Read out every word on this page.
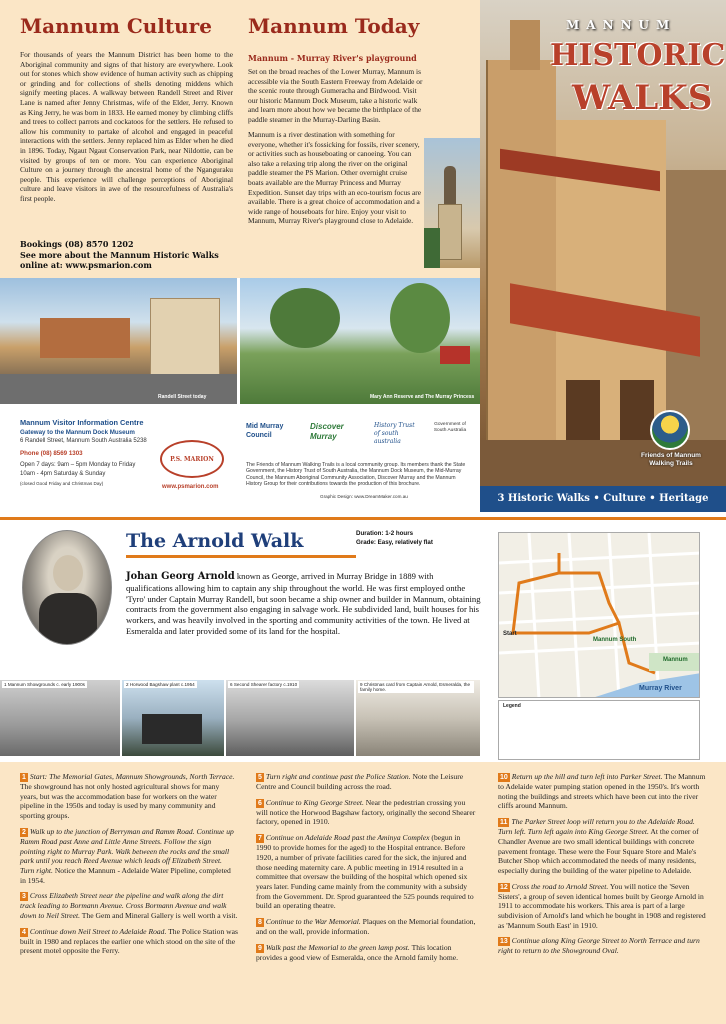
Mannum Culture
For thousands of years the Mannum District has been home to the Aboriginal community and signs of that history are everywhere. Look out for stones which show evidence of human activity such as chipping or grinding and for collections of shells denoting middens which signify meeting places. A walkway between Randell Street and River Lane is named after Jenny Christmas, wife of the Elder, Jerry. Known as King Jerry, he was born in 1833. He earned money by climbing cliffs and trees to collect parrots and cockatoos for the settlers. He refused to allow his community to partake of alcohol and engaged in peaceful interactions with the settlers. Jenny replaced him as Elder when he died in 1896. Today, Ngaut Ngaut Conservation Park, near Nildottie, can be visited by groups of ten or more. You can experience Aboriginal Culture on a journey through the ancestral home of the Nganguraku people. This experience will challenge perceptions of Aboriginal culture and leave visitors in awe of the resourcefulness of Australia's first people.
Bookings (08) 8570 1202
See more about the Mannum Historic Walks online at: www.psmarion.com
Mannum Today
Mannum - Murray River's playground
Set on the broad reaches of the Lower Murray, Mannum is accessible via the South Eastern Freeway from Adelaide or the scenic route through Gumeracha and Birdwood. Visit our historic Mannum Dock Museum, take a historic walk and learn more about how we became the birthplace of the paddle steamer in the Murray-Darling Basin.
Mannum is a river destination with something for everyone, whether it's fossicking for fossils, river scenery, or activities such as houseboating or canoeing. You can also take a relaxing trip along the river on the original paddle steamer the PS Marion. Other overnight cruise boats available are the Murray Princess and Murray Expedition. Sunset day trips with an eco-tourism focus are available. There is a great choice of accommodation and a wide range of houseboats for hire. Enjoy your visit to Mannum, Murray River's playground close to Adelaide.
MANNUM
HISTORIC
WALKS
Friends of Mannum Walking Trails
3 Historic Walks • Culture • Heritage
Randell Street today	Mary Ann Reserve and The Murray Princess
Mannum Visitor Information Centre
Gateway to the Mannum Dock Museum
6 Randell Street, Mannum South Australia 5238
Phone (08) 8569 1303
Open 7 days: 9am – 5pm Monday to Friday
10am - 4pm Saturday & Sunday
(closed Good Friday and Christmas Day)
P.S. MARION
www.psmarion.com
Mid Murray Council
Discover Murray
History Trust of south australia
Government of South Australia
The Friends of Mannum Walking Trails is a local community group. Its members thank the State Government, the History Trust of South Australia, the Mannum Dock Museum, the Mid-Murray Council, the Mannum Aboriginal Community Association, Discover Murray and the Mannum History Group for their contributions towards the production of this brochure.
Graphic Design: www.DreamMaker.com.au
The Arnold Walk	Duration: 1-2 hours
Grade: Easy, relatively flat
Johan Georg Arnold known as George, arrived in Murray Bridge in 1889 with qualifications allowing him to captain any ship throughout the world. He was first employed onthe 'Tyro' under Captain Murray Randell, but soon became a ship owner and builder in Mannum, obtaining contracts from the government also engaging in salvage work. He subdivided land, built houses for his workers, and was heavily involved in the sporting and community activities of the town. He lived at Esmeralda and later provided some of its land for the hospital.
1 Mannum Showgrounds c. early 1900s	2 Horwood Bagshaw plant c.1954	6 Second Shearer factory c.1910	9 Christmas card from Captain Arnold, Esmeralda, the family home.
Start
Mannum South
Mannum
Murray River
Legend
1 Start: The Memorial Gates, Mannum Showgrounds, North Terrace. The showground has not only hosted agricultural shows for many years, but was the accommodation base for workers on the water pipeline in the 1950s and today is used by many community and sporting groups.
2 Walk up to the junction of Berryman and Ramm Road. Continue up Ramm Road past Anne and Little Anne Streets. Follow the sign pointing right to Murray Park. Walk between the rocks and the small park until you reach Reed Avenue which leads off Elizabeth Street. Turn right. Notice the Mannum - Adelaide Water Pipeline, completed in 1954.
3 Cross Elizabeth Street near the pipeline and walk along the dirt track leading to Bormann Avenue. Cross Bormann Avenue and walk down to Neil Street. The Gem and Mineral Gallery is well worth a visit.
4 Continue down Neil Street to Adelaide Road. The Police Station was built in 1980 and replaces the earlier one which stood on the site of the present motel opposite the Ferry.
5 Turn right and continue past the Police Station. Note the Leisure Centre and Council building across the road.
6 Continue to King George Street. Near the pedestrian crossing you will notice the Horwood Bagshaw factory, originally the second Shearer factory, opened in 1910.
7 Continue on Adelaide Road past the Aminya Complex (begun in 1990 to provide homes for the aged) to the Hospital entrance. Before 1920, a number of private facilities cared for the sick, the injured and those needing maternity care. A public meeting in 1914 resulted in a committee that oversaw the building of the hospital which opened six years later. Funding came mainly from the community with a subsidy from the Government. Dr. Sprod guaranteed the 525 pounds required to build an operating theatre.
8 Continue to the War Memorial. Plaques on the Memorial foundation, and on the wall, provide information.
9 Walk past the Memorial to the green lamp post. This location provides a good view of Esmeralda, once the Arnold family home.
10 Return up the hill and turn left into Parker Street. The Mannum to Adelaide water pumping station opened in the 1950's. It's worth noting the buildings and streets which have been cut into the river cliffs around Mannum.
11 The Parker Street loop will return you to the Adelaide Road. Turn left. Turn left again into King George Street. At the corner of Chandler Avenue are two small identical buildings with concrete pavement frontage. These were the Four Square Store and Male's Butcher Shop which accommodated the needs of many residents, especially during the building of the water pipeline to Adelaide.
12 Cross the road to Arnold Street. You will notice the 'Seven Sisters', a group of seven identical homes built by George Arnold in 1911 to accommodate his workers. This area is part of a large subdivision of Arnold's land which he bought in 1908 and registered as 'Mannum South East' in 1910.
13 Continue along King George Street to North Terrace and turn right to return to the Showground Oval.
